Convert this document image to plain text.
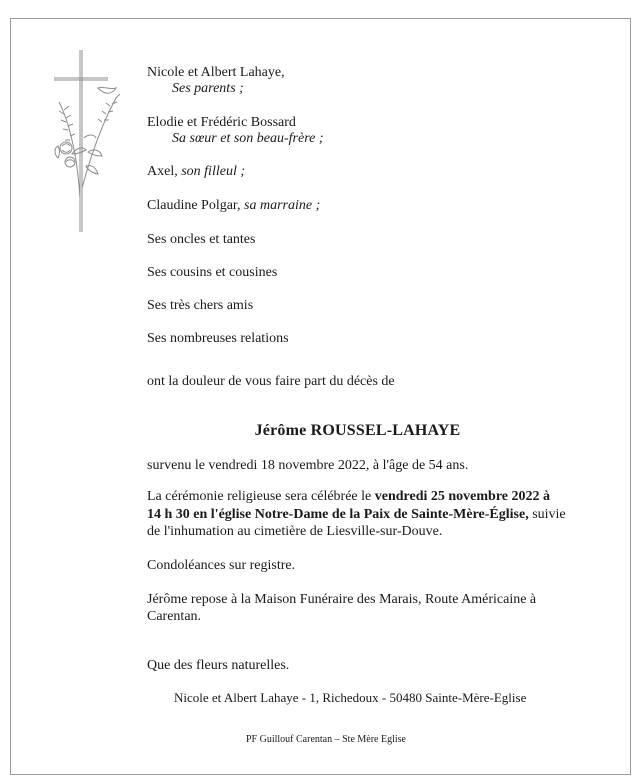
Nicole et Albert Lahaye,
Ses parents ;
Elodie et Frédéric Bossard
Sa sœur et son beau-frère ;
Axel, son filleul ;
Claudine Polgar, sa marraine ;
Ses oncles et tantes
Ses cousins et cousines
Ses très chers amis
Ses nombreuses relations
ont la douleur de vous faire part du décès de
Jérôme ROUSSEL-LAHAYE
survenu le vendredi 18 novembre 2022, à l'âge de 54 ans.
La cérémonie religieuse sera célébrée le vendredi 25 novembre 2022 à 14 h 30 en l'église Notre-Dame de la Paix de Sainte-Mère-Église, suivie de l'inhumation au cimetière de Liesville-sur-Douve.
Condoléances sur registre.
Jérôme repose à la Maison Funéraire des Marais, Route Américaine à
Carentan.
Que des fleurs naturelles.
Nicole et Albert Lahaye - 1, Richedoux - 50480 Sainte-Mère-Eglise
PF Guillouf Carentan – Ste Mère Eglise
